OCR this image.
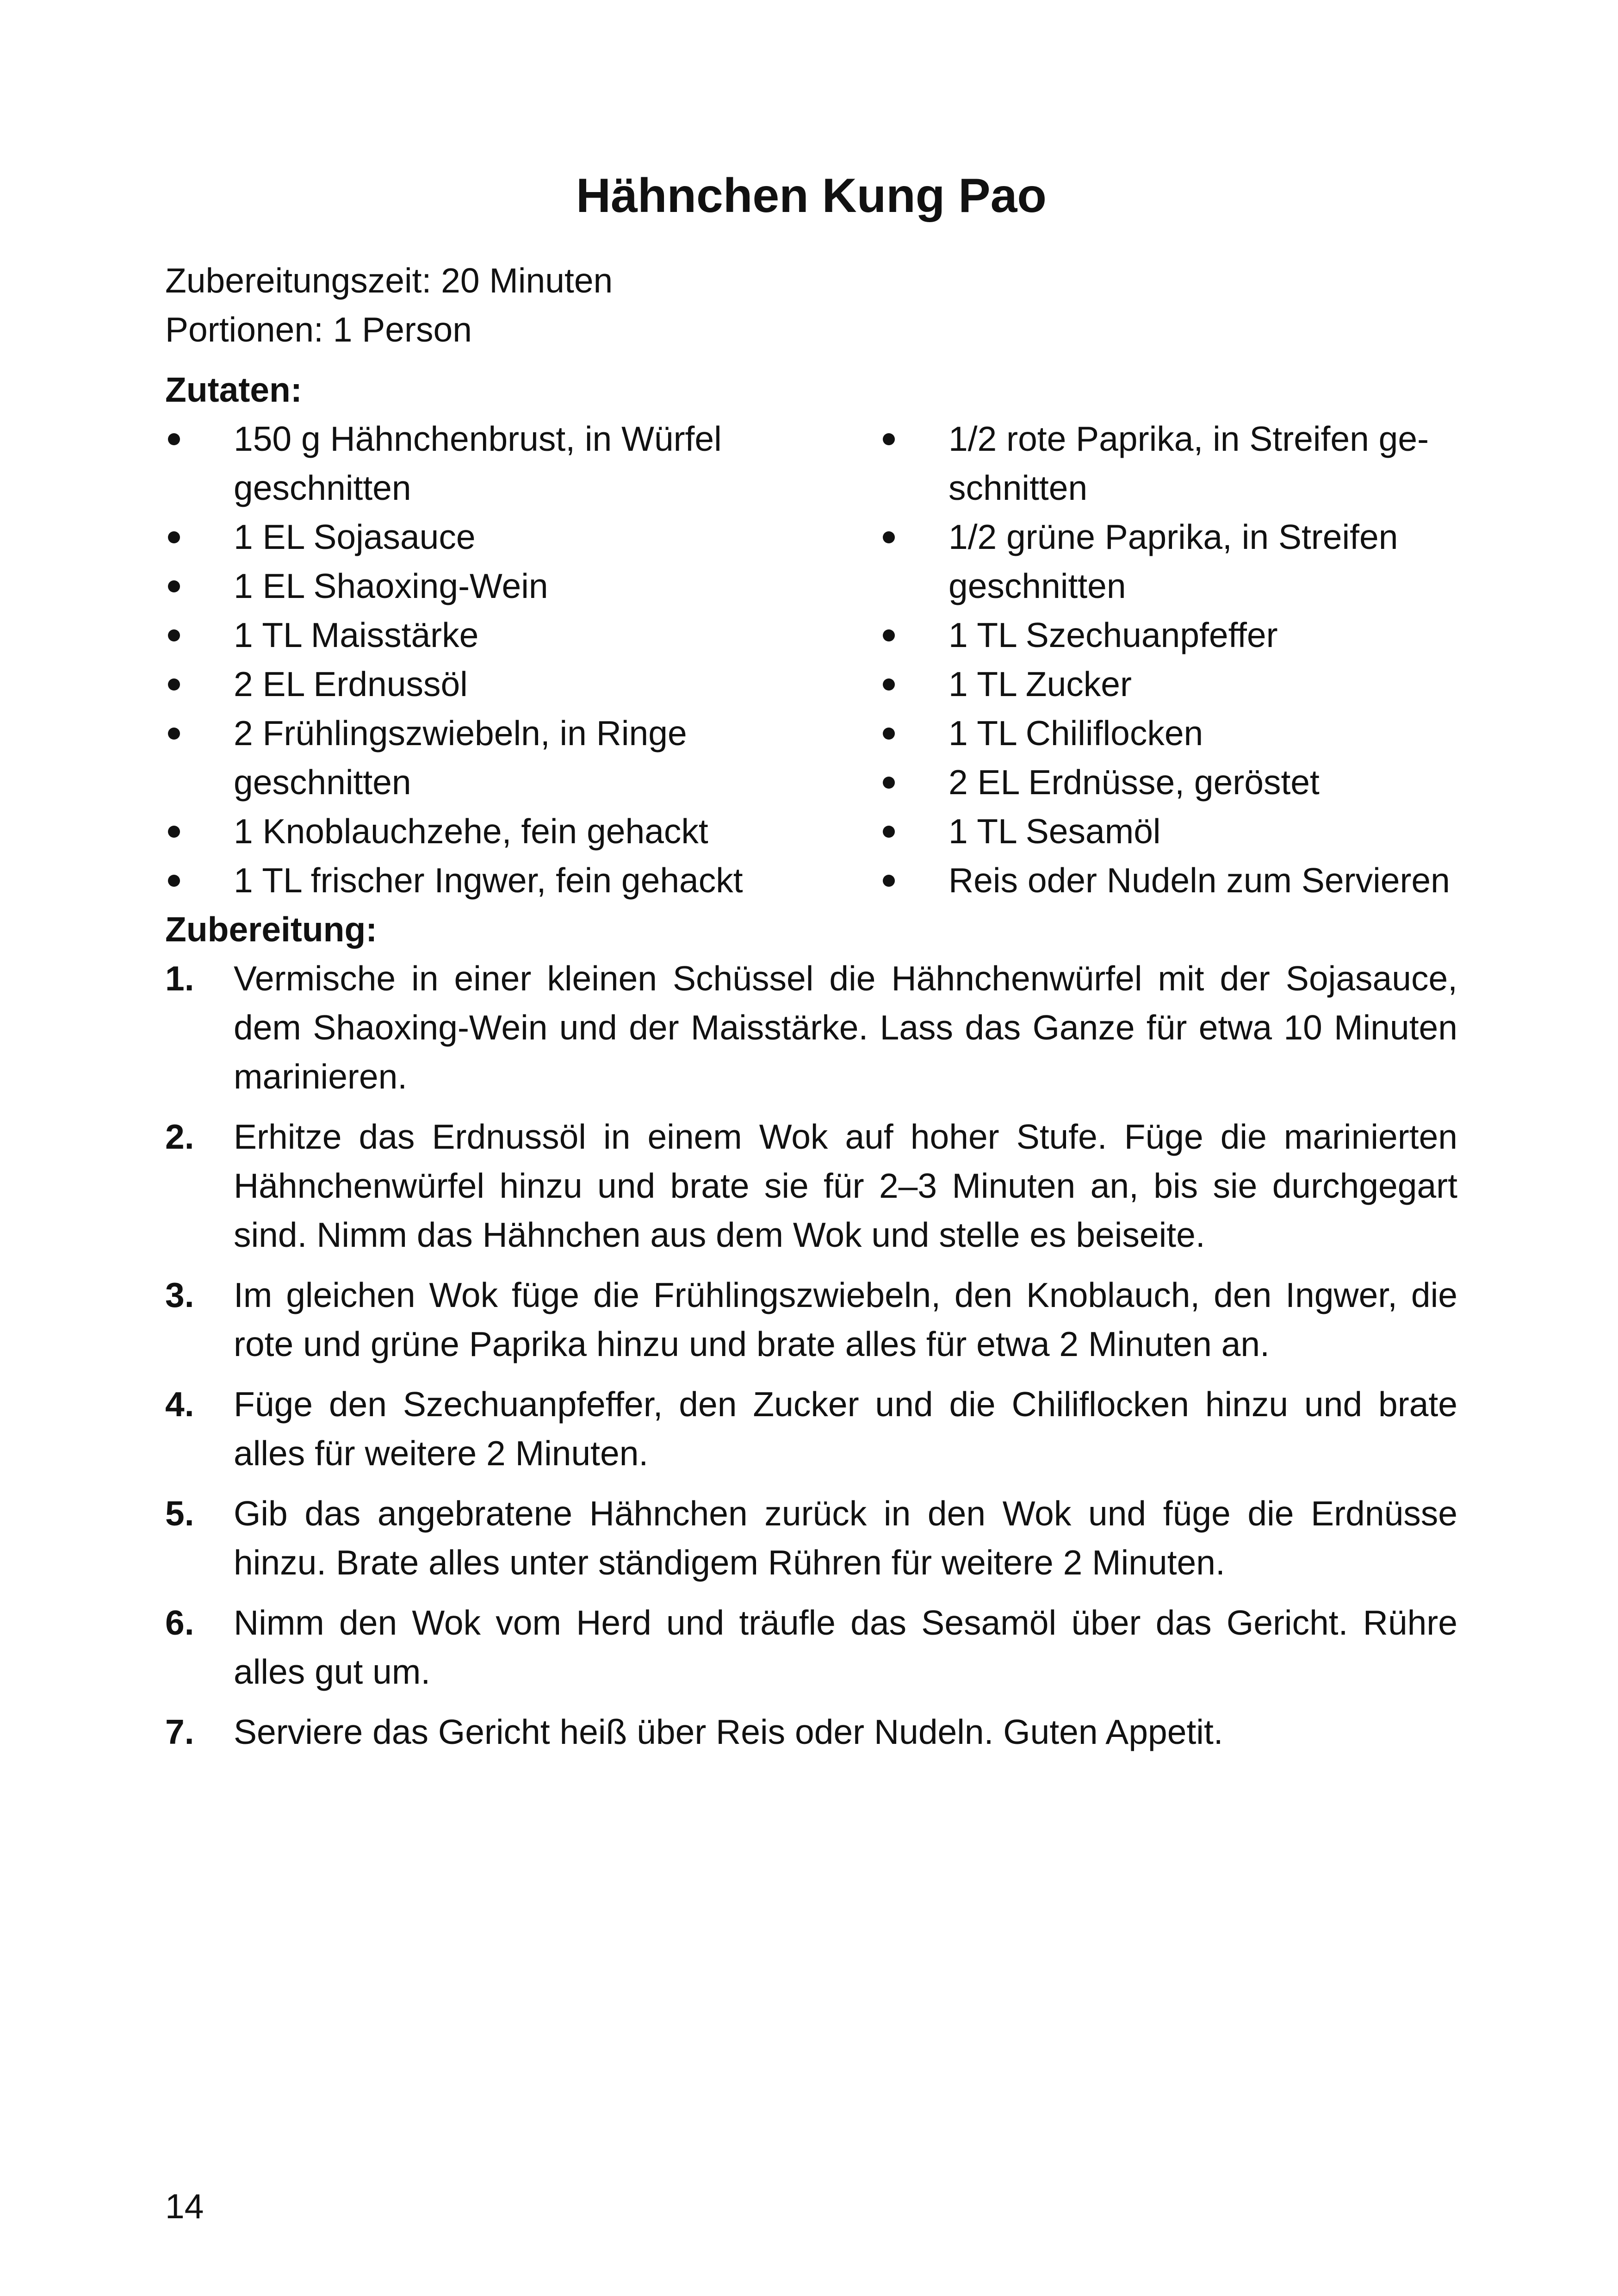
Hähnchen Kung Pao
Zubereitungszeit: 20 Minuten
Portionen: 1 Person
Zutaten:
150 g Hähnchenbrust, in Würfel geschnitten
1 EL Sojasauce
1 EL Shaoxing-Wein
1 TL Maisstärke
2 EL Erdnussöl
2 Frühlingszwiebeln, in Ringe geschnitten
1 Knoblauchzehe, fein gehackt
1 TL frischer Ingwer, fein gehackt
1/2 rote Paprika, in Streifen geschnitten
1/2 grüne Paprika, in Streifen geschnitten
1 TL Szechuanpfeffer
1 TL Zucker
1 TL Chiliflocken
2 EL Erdnüsse, geröstet
1 TL Sesamöl
Reis oder Nudeln zum Servieren
Zubereitung:
1. Vermische in einer kleinen Schüssel die Hähnchenwürfel mit der Sojasauce, dem Shaoxing-Wein und der Maisstärke. Lass das Ganze für etwa 10 Minuten marinieren.
2. Erhitze das Erdnussöl in einem Wok auf hoher Stufe. Füge die marinierten Hähnchenwürfel hinzu und brate sie für 2–3 Minuten an, bis sie durchgegart sind. Nimm das Hähnchen aus dem Wok und stelle es beiseite.
3. Im gleichen Wok füge die Frühlingszwiebeln, den Knoblauch, den Ingwer, die rote und grüne Paprika hinzu und brate alles für etwa 2 Minuten an.
4. Füge den Szechuanpfeffer, den Zucker und die Chiliflocken hinzu und brate alles für weitere 2 Minuten.
5. Gib das angebratene Hähnchen zurück in den Wok und füge die Erdnüsse hinzu. Brate alles unter ständigem Rühren für weitere 2 Minuten.
6. Nimm den Wok vom Herd und träufle das Sesamöl über das Gericht. Rühre alles gut um.
7. Serviere das Gericht heiß über Reis oder Nudeln. Guten Appetit.
14
